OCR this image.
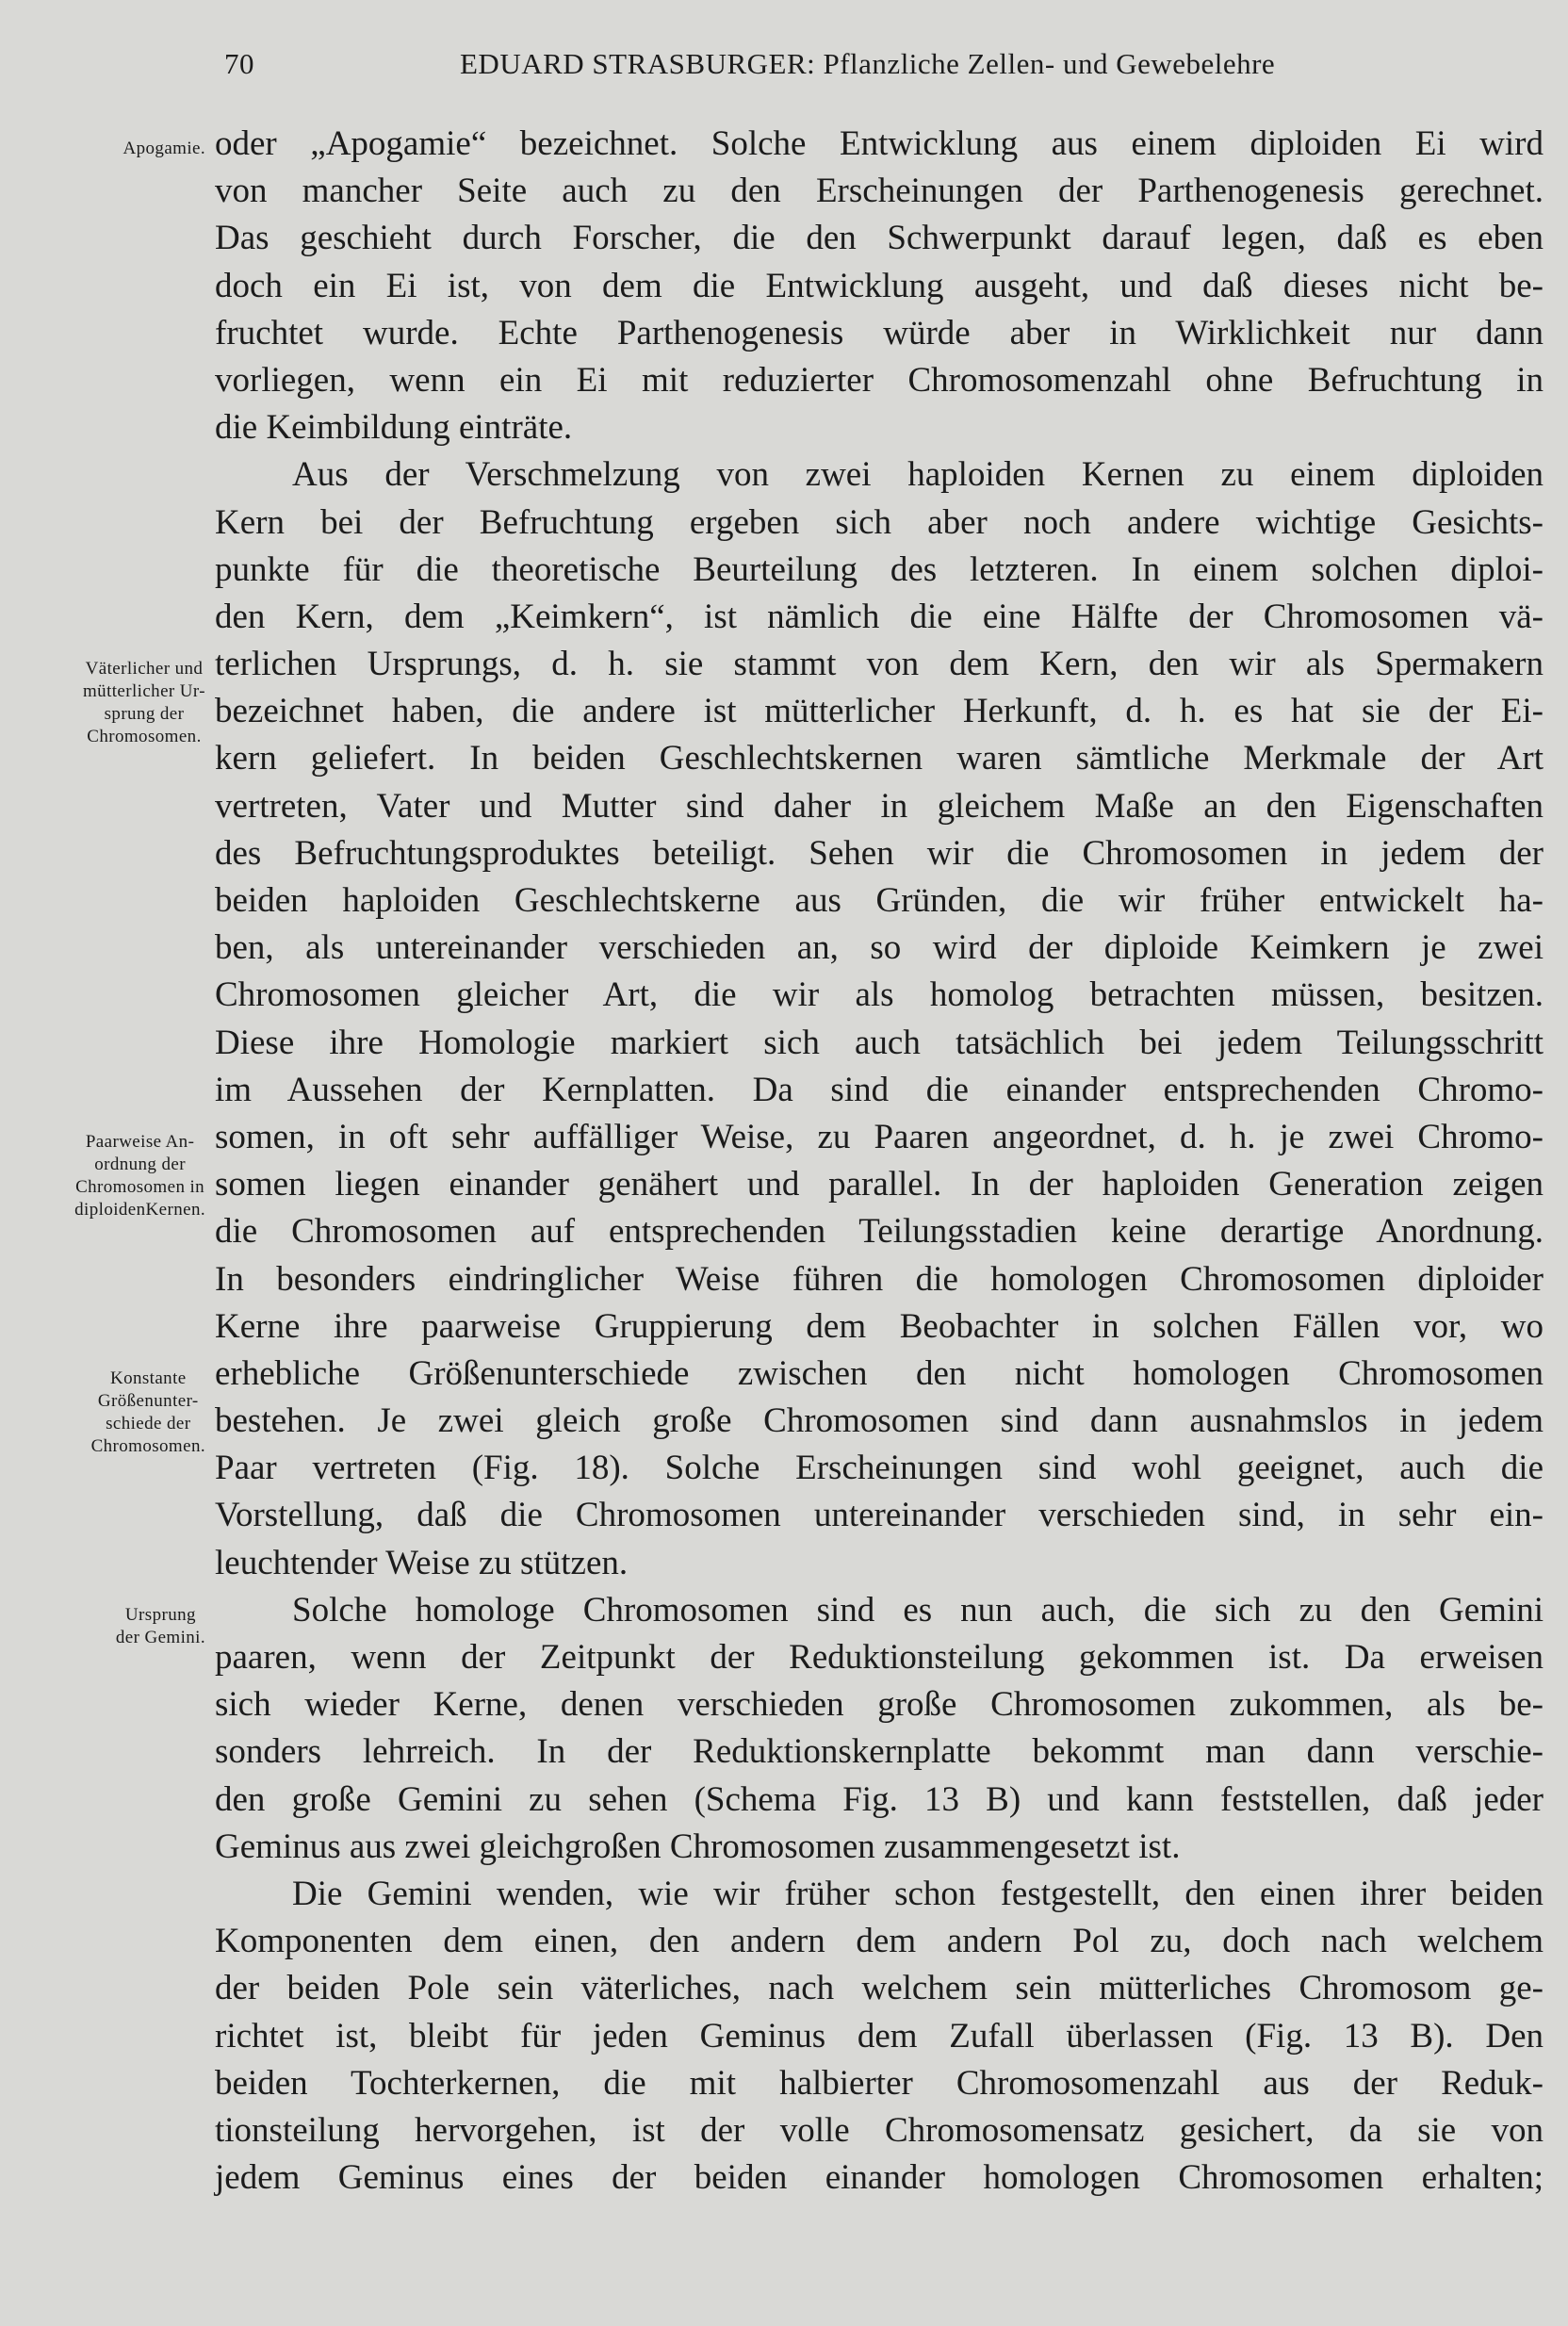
70	EDUARD STRASBURGER: Pflanzliche Zellen- und Gewebelehre
oder „Apogamie“ bezeichnet. Solche Entwicklung aus einem diploiden Ei wird
von mancher Seite auch zu den Erscheinungen der Parthenogenesis gerechnet.
Das geschieht durch Forscher, die den Schwerpunkt darauf legen, daß es eben
doch ein Ei ist, von dem die Entwicklung ausgeht, und daß dieses nicht be-
fruchtet wurde. Echte Parthenogenesis würde aber in Wirklichkeit nur dann
vorliegen, wenn ein Ei mit reduzierter Chromosomenzahl ohne Befruchtung in
die Keimbildung einträte.
Aus der Verschmelzung von zwei haploiden Kernen zu einem diploiden
Kern bei der Befruchtung ergeben sich aber noch andere wichtige Gesichts-
punkte für die theoretische Beurteilung des letzteren. In einem solchen diploi-
den Kern, dem „Keimkern“, ist nämlich die eine Hälfte der Chromosomen vä-
terlichen Ursprungs, d. h. sie stammt von dem Kern, den wir als Spermakern
bezeichnet haben, die andere ist mütterlicher Herkunft, d. h. es hat sie der Ei-
kern geliefert. In beiden Geschlechtskernen waren sämtliche Merkmale der Art
vertreten, Vater und Mutter sind daher in gleichem Maße an den Eigenschaften
des Befruchtungsproduktes beteiligt. Sehen wir die Chromosomen in jedem der
beiden haploiden Geschlechtskerne aus Gründen, die wir früher entwickelt ha-
ben, als untereinander verschieden an, so wird der diploide Keimkern je zwei
Chromosomen gleicher Art, die wir als homolog betrachten müssen, besitzen.
Diese ihre Homologie markiert sich auch tatsächlich bei jedem Teilungsschritt
im Aussehen der Kernplatten. Da sind die einander entsprechenden Chromo-
somen, in oft sehr auffälliger Weise, zu Paaren angeordnet, d. h. je zwei Chromo-
somen liegen einander genähert und parallel. In der haploiden Generation zeigen
die Chromosomen auf entsprechenden Teilungsstadien keine derartige Anordnung.
In besonders eindringlicher Weise führen die homologen Chromosomen diploider
Kerne ihre paarweise Gruppierung dem Beobachter in solchen Fällen vor, wo
erhebliche Größenunterschiede zwischen den nicht homologen Chromosomen
bestehen. Je zwei gleich große Chromosomen sind dann ausnahmslos in jedem
Paar vertreten (Fig. 18). Solche Erscheinungen sind wohl geeignet, auch die
Vorstellung, daß die Chromosomen untereinander verschieden sind, in sehr ein-
leuchtender Weise zu stützen.
Solche homologe Chromosomen sind es nun auch, die sich zu den Gemini
paaren, wenn der Zeitpunkt der Reduktionsteilung gekommen ist. Da erweisen
sich wieder Kerne, denen verschieden große Chromosomen zukommen, als be-
sonders lehrreich. In der Reduktionskernplatte bekommt man dann verschie-
den große Gemini zu sehen (Schema Fig. 13 B) und kann feststellen, daß jeder
Geminus aus zwei gleichgroßen Chromosomen zusammengesetzt ist.
Die Gemini wenden, wie wir früher schon festgestellt, den einen ihrer beiden
Komponenten dem einen, den andern dem andern Pol zu, doch nach welchem
der beiden Pole sein väterliches, nach welchem sein mütterliches Chromosom ge-
richtet ist, bleibt für jeden Geminus dem Zufall überlassen (Fig. 13 B). Den
beiden Tochterkernen, die mit halbierter Chromosomenzahl aus der Reduk-
tionsteilung hervorgehen, ist der volle Chromosomensatz gesichert, da sie von
jedem Geminus eines der beiden einander homologen Chromosomen erhalten;
Apogamie.
Väterlicher und
mütterlicher Ur-
sprung der
Chromosomen.
Paarweise An-
ordnung der
Chromosomen in
diploidenKernen.
Konstante
Größenunter-
schiede der
Chromosomen.
Ursprung
der Gemini.
